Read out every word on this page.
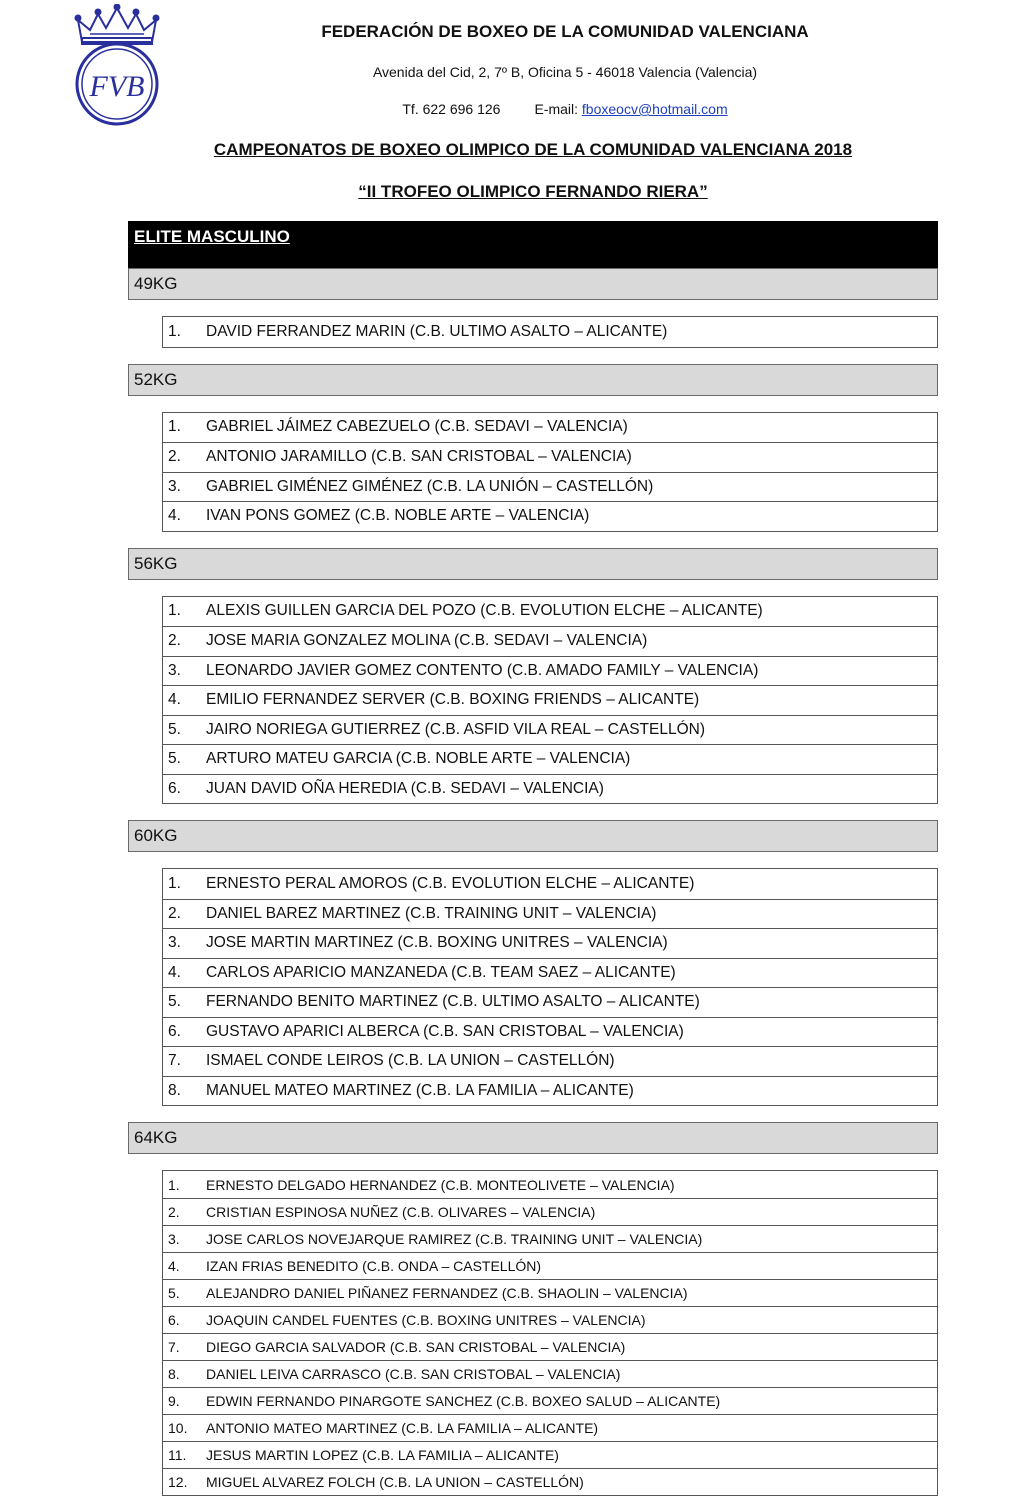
FVB
FEDERACIÓN DE BOXEO DE LA COMUNIDAD VALENCIANA
Avenida del Cid, 2, 7º B, Oficina 5 - 46018 Valencia (Valencia)
Tf. 622 696 126 E-mail: fboxeocv@hotmail.com
CAMPEONATOS DE BOXEO OLIMPICO DE LA COMUNIDAD VALENCIANA 2018
“II TROFEO OLIMPICO FERNANDO RIERA”
ELITE MASCULINO
49KG
1.	DAVID FERRANDEZ MARIN (C.B. ULTIMO ASALTO – ALICANTE)
52KG
1.	GABRIEL JÁIMEZ CABEZUELO (C.B. SEDAVI – VALENCIA)
2.	ANTONIO JARAMILLO (C.B. SAN CRISTOBAL – VALENCIA)
3.	GABRIEL GIMÉNEZ GIMÉNEZ (C.B. LA UNIÓN – CASTELLÓN)
4.	IVAN PONS GOMEZ (C.B. NOBLE ARTE – VALENCIA)
56KG
1.	ALEXIS GUILLEN GARCIA DEL POZO (C.B. EVOLUTION ELCHE – ALICANTE)
2.	JOSE MARIA GONZALEZ MOLINA (C.B. SEDAVI – VALENCIA)
3.	LEONARDO JAVIER GOMEZ CONTENTO (C.B. AMADO FAMILY – VALENCIA)
4.	EMILIO FERNANDEZ SERVER (C.B. BOXING FRIENDS – ALICANTE)
5.	JAIRO NORIEGA GUTIERREZ (C.B. ASFID VILA REAL – CASTELLÓN)
5.	ARTURO MATEU GARCIA (C.B. NOBLE ARTE – VALENCIA)
6.	JUAN DAVID OÑA HEREDIA (C.B. SEDAVI – VALENCIA)
60KG
1.	ERNESTO PERAL AMOROS (C.B. EVOLUTION ELCHE – ALICANTE)
2.	DANIEL BAREZ MARTINEZ (C.B. TRAINING UNIT – VALENCIA)
3.	JOSE MARTIN MARTINEZ (C.B. BOXING UNITRES – VALENCIA)
4.	CARLOS APARICIO MANZANEDA (C.B. TEAM SAEZ – ALICANTE)
5.	FERNANDO BENITO MARTINEZ (C.B. ULTIMO ASALTO – ALICANTE)
6.	GUSTAVO APARICI ALBERCA (C.B. SAN CRISTOBAL – VALENCIA)
7.	ISMAEL CONDE LEIROS (C.B. LA UNION – CASTELLÓN)
8.	MANUEL MATEO MARTINEZ (C.B. LA FAMILIA – ALICANTE)
64KG
1.	ERNESTO DELGADO HERNANDEZ (C.B. MONTEOLIVETE – VALENCIA)
2.	CRISTIAN ESPINOSA NUÑEZ (C.B. OLIVARES – VALENCIA)
3.	JOSE CARLOS NOVEJARQUE RAMIREZ (C.B. TRAINING UNIT – VALENCIA)
4.	IZAN FRIAS BENEDITO (C.B. ONDA – CASTELLÓN)
5.	ALEJANDRO DANIEL PIÑANEZ FERNANDEZ (C.B. SHAOLIN – VALENCIA)
6.	JOAQUIN CANDEL FUENTES (C.B. BOXING UNITRES – VALENCIA)
7.	DIEGO GARCIA SALVADOR (C.B. SAN CRISTOBAL – VALENCIA)
8.	DANIEL LEIVA CARRASCO (C.B. SAN CRISTOBAL – VALENCIA)
9.	EDWIN FERNANDO PINARGOTE SANCHEZ (C.B. BOXEO SALUD – ALICANTE)
10.	ANTONIO MATEO MARTINEZ (C.B. LA FAMILIA – ALICANTE)
11.	JESUS MARTIN LOPEZ (C.B. LA FAMILIA – ALICANTE)
12.	MIGUEL ALVAREZ FOLCH (C.B. LA UNION – CASTELLÓN)
